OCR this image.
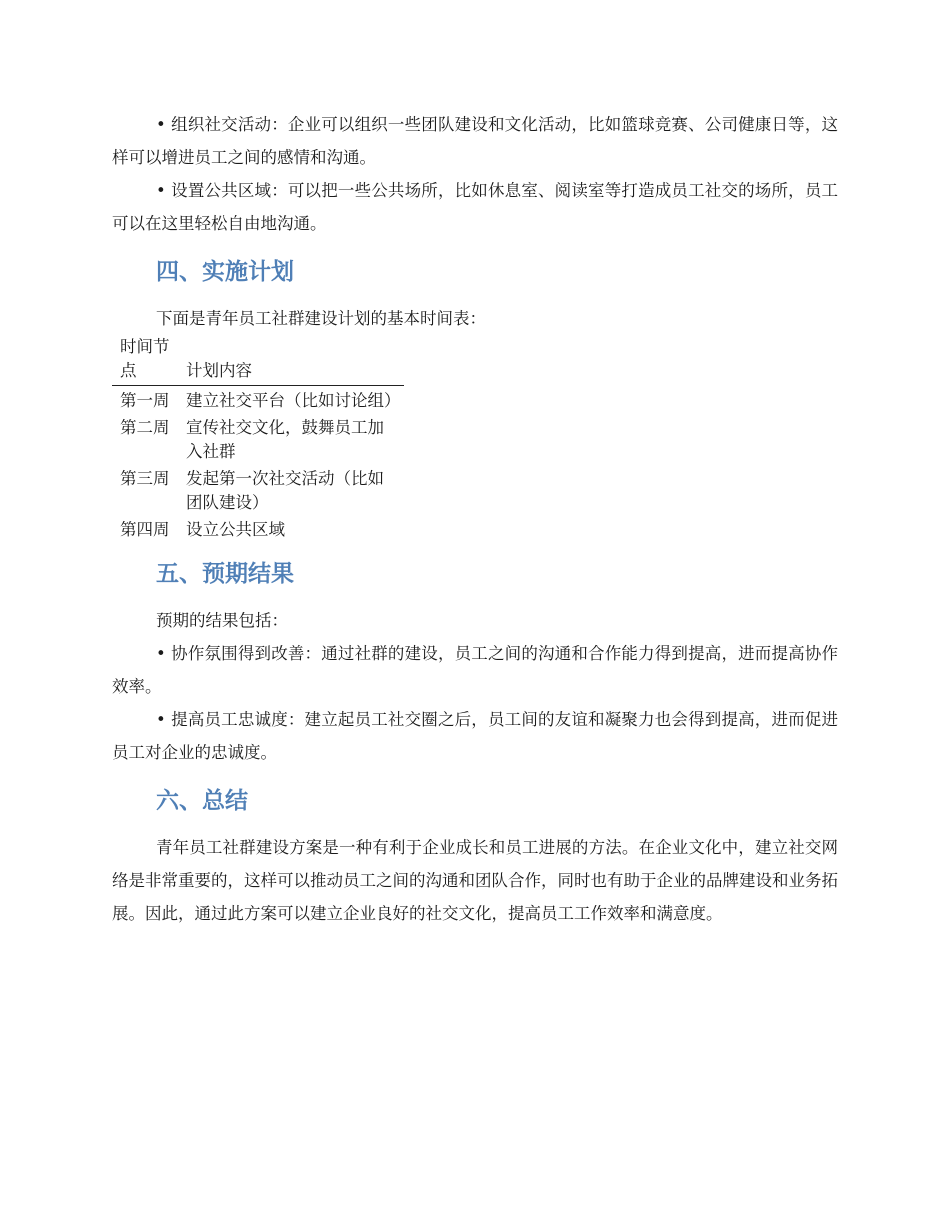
• 组织社交活动：企业可以组织一些团队建设和文化活动，比如篮球竞赛、公司健康日等，这样可以增进员工之间的感情和沟通。

• 设置公共区域：可以把一些公共场所，比如休息室、阅读室等打造成员工社交的场所，员工可以在这里轻松自由地沟通。

四、实施计划

下面是青年员工社群建设计划的基本时间表：

时间节点	计划内容
第一周	建立社交平台（比如讨论组）
第二周	宣传社交文化，鼓舞员工加入社群
第三周	发起第一次社交活动（比如团队建设）
第四周	设立公共区域
五、预期结果

预期的结果包括：

• 协作氛围得到改善：通过社群的建设，员工之间的沟通和合作能力得到提高，进而提高协作效率。

• 提高员工忠诚度：建立起员工社交圈之后，员工间的友谊和凝聚力也会得到提高，进而促进员工对企业的忠诚度。

六、总结

青年员工社群建设方案是一种有利于企业成长和员工进展的方法。在企业文化中，建立社交网络是非常重要的，这样可以推动员工之间的沟通和团队合作，同时也有助于企业的品牌建设和业务拓展。因此，通过此方案可以建立企业良好的社交文化，提高员工工作效率和满意度。
